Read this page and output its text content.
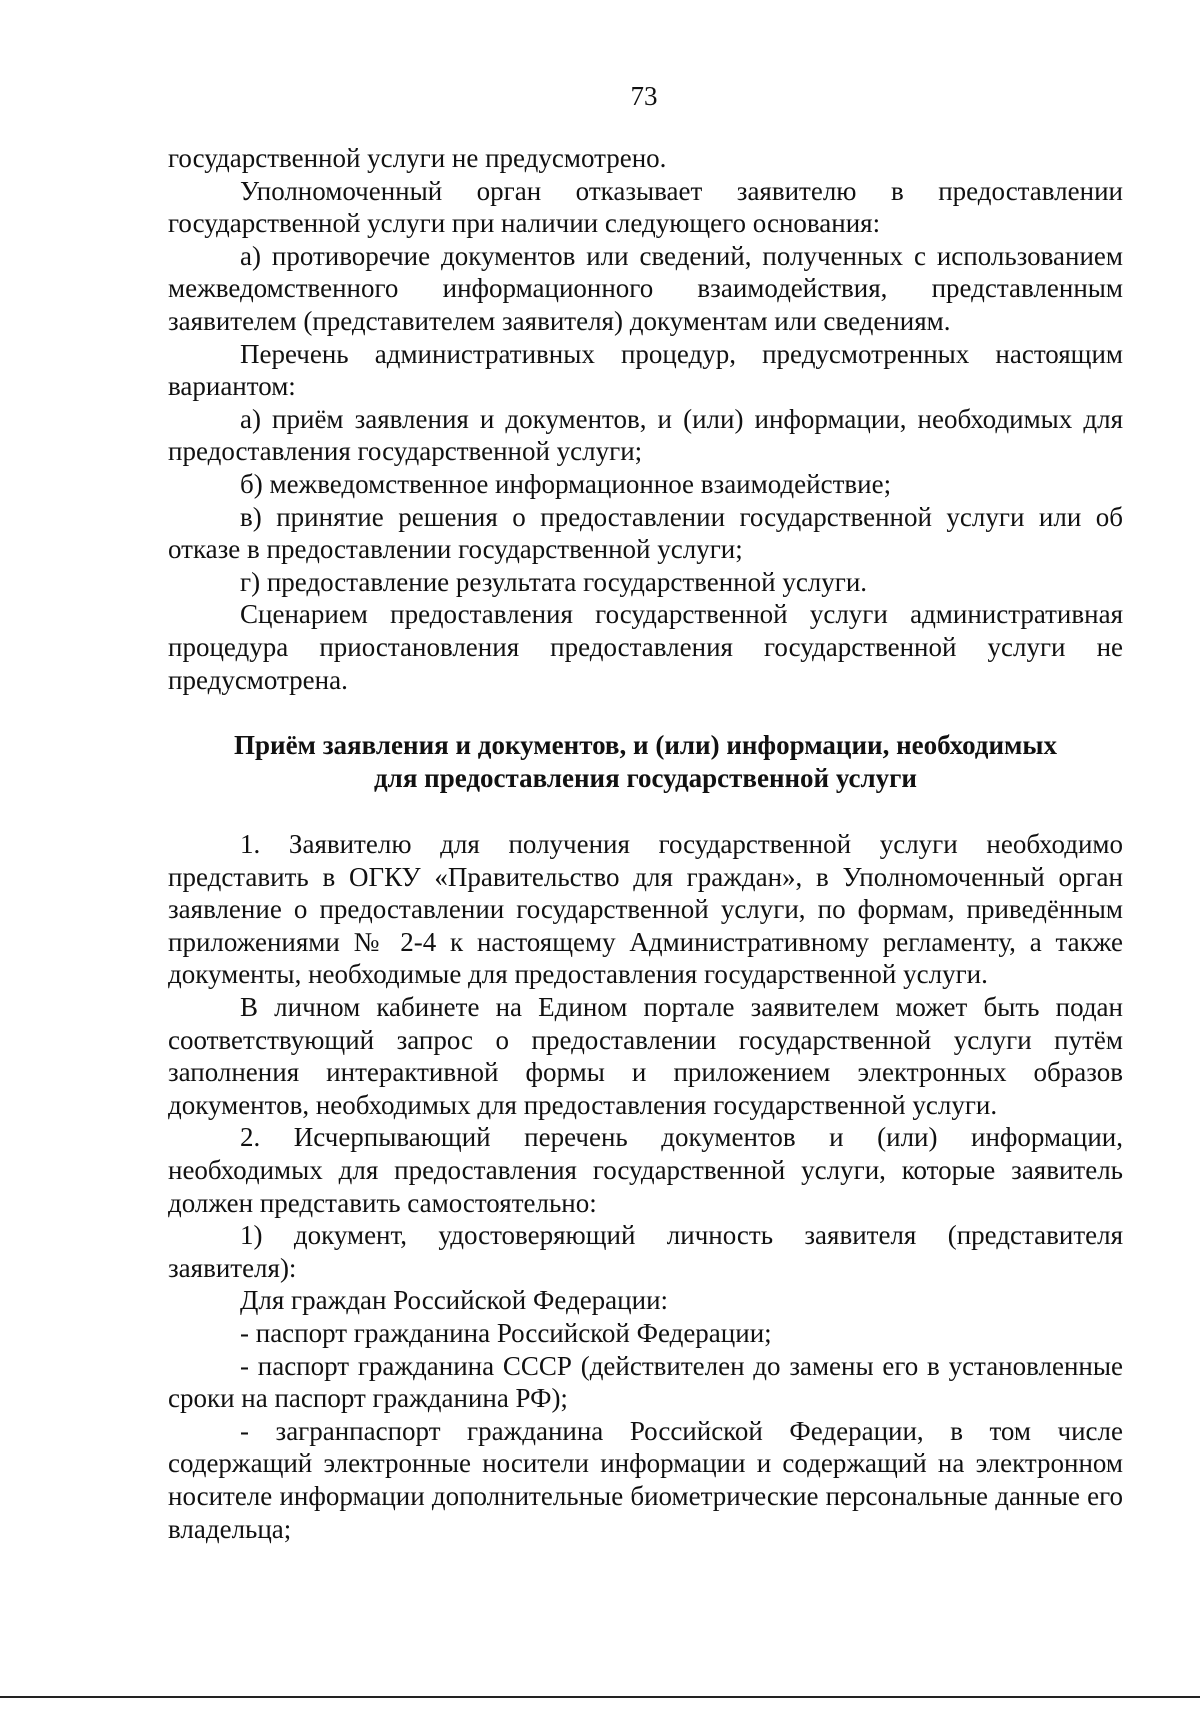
73

государственной услуги не предусмотрено.

Уполномоченный орган отказывает заявителю в предоставлении государственной услуги при наличии следующего основания:

а) противоречие документов или сведений, полученных с использованием межведомственного информационного взаимодействия, представленным заявителем (представителем заявителя) документам или сведениям.

Перечень административных процедур, предусмотренных настоящим вариантом:

а) приём заявления и документов, и (или) информации, необходимых для предоставления государственной услуги;

б) межведомственное информационное взаимодействие;

в) принятие решения о предоставлении государственной услуги или об отказе в предоставлении государственной услуги;

г) предоставление результата государственной услуги.

Сценарием предоставления государственной услуги административная процедура приостановления предоставления государственной услуги не предусмотрена.

Приём заявления и документов, и (или) информации, необходимых
для предоставления государственной услуги

1. Заявителю для получения государственной услуги необходимо представить в ОГКУ «Правительство для граждан», в Уполномоченный орган заявление о предоставлении государственной услуги, по формам, приведённым приложениями № 2-4 к настоящему Административному регламенту, а также документы, необходимые для предоставления государственной услуги.

В личном кабинете на Едином портале заявителем может быть подан соответствующий запрос о предоставлении государственной услуги путём заполнения интерактивной формы и приложением электронных образов документов, необходимых для предоставления государственной услуги.

2. Исчерпывающий перечень документов и (или) информации, необходимых для предоставления государственной услуги, которые заявитель должен представить самостоятельно:

1) документ, удостоверяющий личность заявителя (представителя заявителя):

Для граждан Российской Федерации:

- паспорт гражданина Российской Федерации;

- паспорт гражданина СССР (действителен до замены его в установленные сроки на паспорт гражданина РФ);

- загранпаспорт гражданина Российской Федерации, в том числе содержащий электронные носители информации и содержащий на электронном носителе информации дополнительные биометрические персональные данные его владельца;
